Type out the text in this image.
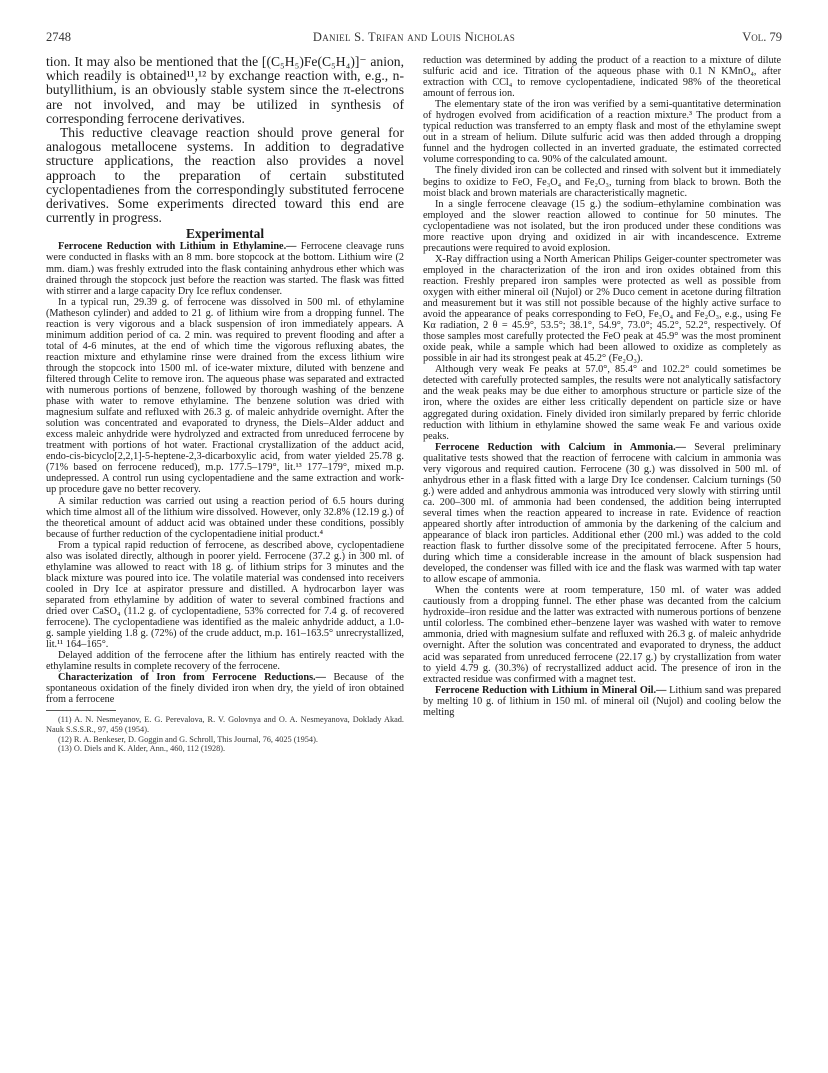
2748	Daniel S. Trifan and Louis Nicholas	Vol. 79

tion. It may also be mentioned that the [(C₅H₅)Fe(C₅H₄)]⁻ anion, which readily is obtained¹¹,¹² by exchange reaction with, e.g., n-butyllithium, is an obviously stable system since the π-electrons are not involved, and may be utilized in synthesis of corresponding ferrocene derivatives.

This reductive cleavage reaction should prove general for analogous metallocene systems. In addition to degradative structure applications, the reaction also provides a novel approach to the preparation of certain substituted cyclopentadienes from the correspondingly substituted ferrocene derivatives. Some experiments directed toward this end are currently in progress.

Experimental

Ferrocene Reduction with Lithium in Ethylamine.— Ferrocene cleavage runs were conducted in flasks with an 8 mm. bore stopcock at the bottom. Lithium wire (2 mm. diam.) was freshly extruded into the flask containing anhydrous ether which was drained through the stopcock just before the reaction was started. The flask was fitted with stirrer and a large capacity Dry Ice reflux condenser.

In a typical run, 29.39 g. of ferrocene was dissolved in 500 ml. of ethylamine (Matheson cylinder) and added to 21 g. of lithium wire from a dropping funnel. The reaction is very vigorous and a black suspension of iron immediately appears. A minimum addition period of ca. 2 min. was required to prevent flooding and after a total of 4-6 minutes, at the end of which time the vigorous refluxing abates, the reaction mixture and ethylamine rinse were drained from the excess lithium wire through the stopcock into 1500 ml. of ice-water mixture, diluted with benzene and filtered through Celite to remove iron. The aqueous phase was separated and extracted with numerous portions of benzene, followed by thorough washing of the benzene phase with water to remove ethylamine. The benzene solution was dried with magnesium sulfate and refluxed with 26.3 g. of maleic anhydride overnight. After the solution was concentrated and evaporated to dryness, the Diels–Alder adduct and excess maleic anhydride were hydrolyzed and extracted from unreduced ferrocene by treatment with portions of hot water. Fractional crystallization of the adduct acid, endo-cis-bicyclo[2,2,1]-5-heptene-2,3-dicarboxylic acid, from water yielded 25.78 g. (71% based on ferrocene reduced), m.p. 177.5–179°, lit.¹³ 177–179°, mixed m.p. undepressed. A control run using cyclopentadiene and the same extraction and work-up procedure gave no better recovery.

A similar reduction was carried out using a reaction period of 6.5 hours during which time almost all of the lithium wire dissolved. However, only 32.8% (12.19 g.) of the theoretical amount of adduct acid was obtained under these conditions, possibly because of further reduction of the cyclopentadiene initial product.⁴

From a typical rapid reduction of ferrocene, as described above, cyclopentadiene also was isolated directly, although in poorer yield. Ferrocene (37.2 g.) in 300 ml. of ethylamine was allowed to react with 18 g. of lithium strips for 3 minutes and the black mixture was poured into ice. The volatile material was condensed into receivers cooled in Dry Ice at aspirator pressure and distilled. A hydrocarbon layer was separated from ethylamine by addition of water to several combined fractions and dried over CaSO₄ (11.2 g. of cyclopentadiene, 53% corrected for 7.4 g. of recovered ferrocene). The cyclopentadiene was identified as the maleic anhydride adduct, a 1.0-g. sample yielding 1.8 g. (72%) of the crude adduct, m.p. 161–163.5° unrecrystallized, lit.¹¹ 164–165°.

Delayed addition of the ferrocene after the lithium has entirely reacted with the ethylamine results in complete recovery of the ferrocene.

Characterization of Iron from Ferrocene Reductions.— Because of the spontaneous oxidation of the finely divided iron when dry, the yield of iron obtained from a ferrocene

(11) A. N. Nesmeyanov, E. G. Perevalova, R. V. Golovnya and O. A. Nesmeyanova, Doklady Akad. Nauk S.S.S.R., 97, 459 (1954).

(12) R. A. Benkeser, D. Goggin and G. Schroll, This Journal, 76, 4025 (1954).

(13) O. Diels and K. Alder, Ann., 460, 112 (1928).

reduction was determined by adding the product of a reaction to a mixture of dilute sulfuric acid and ice. Titration of the aqueous phase with 0.1 N KMnO₄, after extraction with CCl₄ to remove cyclopentadiene, indicated 98% of the theoretical amount of ferrous ion.

The elementary state of the iron was verified by a semi-quantitative determination of hydrogen evolved from acidification of a reaction mixture.³ The product from a typical reduction was transferred to an empty flask and most of the ethylamine swept out in a stream of helium. Dilute sulfuric acid was then added through a dropping funnel and the hydrogen collected in an inverted graduate, the estimated corrected volume corresponding to ca. 90% of the calculated amount.

The finely divided iron can be collected and rinsed with solvent but it immediately begins to oxidize to FeO, Fe₃O₄ and Fe₂O₃, turning from black to brown. Both the moist black and brown materials are characteristically magnetic.

In a single ferrocene cleavage (15 g.) the sodium–ethylamine combination was employed and the slower reaction allowed to continue for 50 minutes. The cyclopentadiene was not isolated, but the iron produced under these conditions was more reactive upon drying and oxidized in air with incandescence. Extreme precautions were required to avoid explosion.

X-Ray diffraction using a North American Philips Geiger-counter spectrometer was employed in the characterization of the iron and iron oxides obtained from this reaction. Freshly prepared iron samples were protected as well as possible from oxygen with either mineral oil (Nujol) or 2% Duco cement in acetone during filtration and measurement but it was still not possible because of the highly active surface to avoid the appearance of peaks corresponding to FeO, Fe₃O₄ and Fe₂O₃, e.g., using Fe Kα radiation, 2 θ = 45.9°, 53.5°; 38.1°, 54.9°, 73.0°; 45.2°, 52.2°, respectively. Of those samples most carefully protected the FeO peak at 45.9° was the most prominent oxide peak, while a sample which had been allowed to oxidize as completely as possible in air had its strongest peak at 45.2° (Fe₂O₃).

Although very weak Fe peaks at 57.0°, 85.4° and 102.2° could sometimes be detected with carefully protected samples, the results were not analytically satisfactory and the weak peaks may be due either to amorphous structure or particle size of the iron, where the oxides are either less critically dependent on particle size or have aggregated during oxidation. Finely divided iron similarly prepared by ferric chloride reduction with lithium in ethylamine showed the same weak Fe and various oxide peaks.

Ferrocene Reduction with Calcium in Ammonia.— Several preliminary qualitative tests showed that the reaction of ferrocene with calcium in ammonia was very vigorous and required caution. Ferrocene (30 g.) was dissolved in 500 ml. of anhydrous ether in a flask fitted with a large Dry Ice condenser. Calcium turnings (50 g.) were added and anhydrous ammonia was introduced very slowly with stirring until ca. 200–300 ml. of ammonia had been condensed, the addition being interrupted several times when the reaction appeared to increase in rate. Evidence of reaction appeared shortly after introduction of ammonia by the darkening of the calcium and appearance of black iron particles. Additional ether (200 ml.) was added to the cold reaction flask to further dissolve some of the precipitated ferrocene. After 5 hours, during which time a considerable increase in the amount of black suspension had developed, the condenser was filled with ice and the flask was warmed with tap water to allow escape of ammonia.

When the contents were at room temperature, 150 ml. of water was added cautiously from a dropping funnel. The ether phase was decanted from the calcium hydroxide–iron residue and the latter was extracted with numerous portions of benzene until colorless. The combined ether–benzene layer was washed with water to remove ammonia, dried with magnesium sulfate and refluxed with 26.3 g. of maleic anhydride overnight. After the solution was concentrated and evaporated to dryness, the adduct acid was separated from unreduced ferrocene (22.17 g.) by crystallization from water to yield 4.79 g. (30.3%) of recrystallized adduct acid. The presence of iron in the extracted residue was confirmed with a magnet test.

Ferrocene Reduction with Lithium in Mineral Oil.— Lithium sand was prepared by melting 10 g. of lithium in 150 ml. of mineral oil (Nujol) and cooling below the melting
